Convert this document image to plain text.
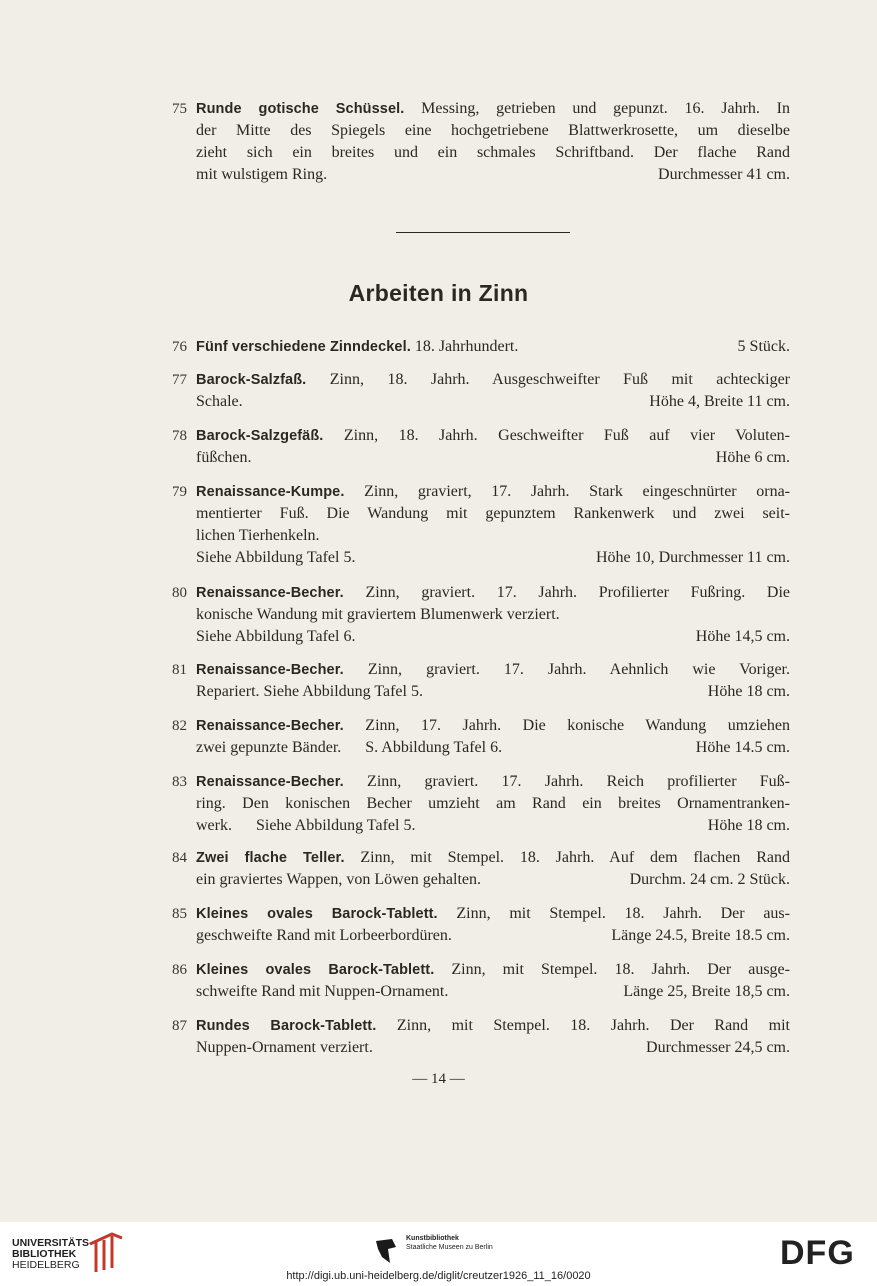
Arbeiten in Zinn
75 Runde gotische Schüssel. Messing, getrieben und gepunzt. 16. Jahrh. In
der Mitte des Spiegels eine hochgetriebene Blattwerkrosette, um dieselbe
zieht sich ein breites und ein schmales Schriftband. Der flache Rand
mit wulstigem Ring.	Durchmesser 41 cm.
76 Fünf verschiedene Zinndeckel. 18. Jahrhundert.	5 Stück.
77 Barock-Salzfaß. Zinn, 18. Jahrh. Ausgeschweifter Fuß mit achteckiger
Schale.	Höhe 4, Breite 11 cm.
78 Barock-Salzgefäß. Zinn, 18. Jahrh. Geschweifter Fuß auf vier Voluten-
füßchen.	Höhe 6 cm.
79 Renaissance-Kumpe. Zinn, graviert, 17. Jahrh. Stark eingeschnürter orna-
mentierter Fuß. Die Wandung mit gepunztem Rankenwerk und zwei seit-
lichen Tierhenkeln.
Siehe Abbildung Tafel 5.	Höhe 10, Durchmesser 11 cm.
80 Renaissance-Becher. Zinn, graviert. 17. Jahrh. Profilierter Fußring. Die
konische Wandung mit graviertem Blumenwerk verziert.
Siehe Abbildung Tafel 6.	Höhe 14,5 cm.
81 Renaissance-Becher. Zinn, graviert. 17. Jahrh. Aehnlich wie Voriger.
Repariert. Siehe Abbildung Tafel 5.	Höhe 18 cm.
82 Renaissance-Becher. Zinn, 17. Jahrh. Die konische Wandung umziehen
zwei gepunzte Bänder.      S. Abbildung Tafel 6.	Höhe 14.5 cm.
83 Renaissance-Becher. Zinn, graviert. 17. Jahrh. Reich profilierter Fuß-
ring. Den konischen Becher umzieht am Rand ein breites Ornamentranken-
werk.      Siehe Abbildung Tafel 5.	Höhe 18 cm.
84 Zwei flache Teller. Zinn, mit Stempel. 18. Jahrh. Auf dem flachen Rand
ein graviertes Wappen, von Löwen gehalten.	Durchm. 24 cm. 2 Stück.
85 Kleines ovales Barock-Tablett. Zinn, mit Stempel. 18. Jahrh. Der aus-
geschweifte Rand mit Lorbeerbordüren.	Länge 24.5, Breite 18.5 cm.
86 Kleines ovales Barock-Tablett. Zinn, mit Stempel. 18. Jahrh. Der ausge-
schweifte Rand mit Nuppen-Ornament.	Länge 25, Breite 18,5 cm.
87 Rundes Barock-Tablett. Zinn, mit Stempel. 18. Jahrh. Der Rand mit
Nuppen-Ornament verziert.	Durchmesser 24,5 cm.
— 14 —
UNIVERSITÄTS-
BIBLIOTHEK
HEIDELBERG
Kunstbibliothek
Staatliche Museen zu Berlin	DFG
http://digi.ub.uni-heidelberg.de/diglit/creutzer1926_11_16/0020
